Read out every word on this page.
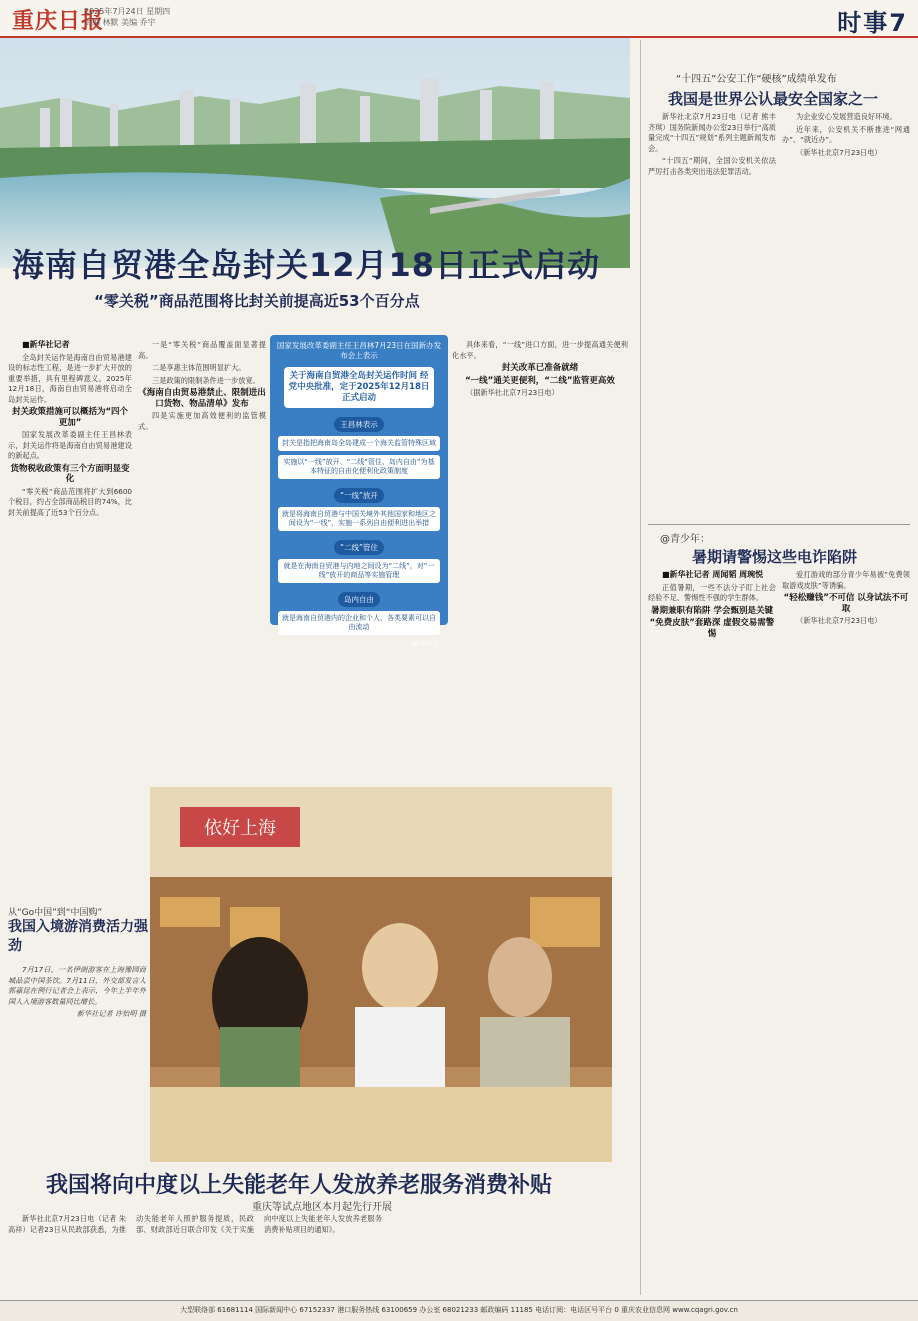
重庆日报
2025年7月24日 星期四
责编 林默 美编 乔宇	时事7
海南自贸港全岛封关12月18日正式启动
“零关税”商品范围将比封关前提高近53个百分点

■新华社记者

全岛封关运作是海南自由贸易港建设的标志性工程，是进一步扩大开放的重要举措，具有里程碑意义。2025年12月18日，海南自由贸易港将启动全岛封关运作。

封关政策措施可以概括为“四个更加”

国家发展改革委副主任王昌林表示，封关运作将是海南自由贸易港建设的新起点。

货物税收政策有三个方面明显变化

“零关税”商品范围将扩大到6600个税目，约占全部商品税目的74%，比封关前提高了近53个百分点。

一是“零关税”商品覆盖面显著提高。

二是享惠主体范围明显扩大。

三是政策的限制条件进一步放宽。

《海南自由贸易港禁止、限制进出口货物、物品清单》发布

四是实施更加高效便利的监管模式。

具体来看，“一线”进口方面，进一步提高通关便利化水平。

封关改革已准备就绪

“一线”通关更便利，“二线”监管更高效

（据新华社北京7月23日电）

国家发展改革委副主任王昌林7月23日在国新办发布会上表示
关于海南自贸港全岛封关运作时间 经党中央批准，定于2025年12月18日正式启动
王昌林表示
封关是指把海南岛全岛建成一个海关监管特殊区域
实施以“一线”放开、“二线”管住、岛内自由”为基本特征的自由化便利化政策制度
“一线”放开
就是将海南自贸港与中国关境外其他国家和地区之间设为“一线”，实施一系列自由便利进出举措
“二线”管住
就是在海南自贸港与内地之间设为“二线”，对“一线”放开的商品等实施管理
岛内自由
就是海南自贸港内的企业和个人，各类要素可以自由流动
新华社发
“十四五”公安工作“硬核”成绩单发布
我国是世界公认最安全国家之一

新华社北京7月23日电（记者 熊丰 齐琪）国务院新闻办公室23日举行“高质量完成“十四五”规划”系列主题新闻发布会。

“十四五”期间，全国公安机关依法严厉打击各类突出违法犯罪活动。

为企业安心发展营造良好环境。

近年来，公安机关不断推进“网通办”、“就近办”。

（新华社北京7月23日电）

@青少年：
暑期请警惕这些电诈陷阱

■新华社记者 周闻韬 周琬悦

正值暑期，一些不法分子盯上社会经验不足、警惕性不强的学生群体。

暑期兼职有陷阱 学会甄别是关键

“免费皮肤”套路深 虚假交易需警惕

爱打游戏的部分青少年易被“免费领取游戏皮肤”等诱骗。

“轻松赚钱”不可信 以身试法不可取

（新华社北京7月23日电）

从“Go中国”到“中国购”
我国入境游消费活力强劲

7月17日，一名伊朗游客在上海豫园商城品尝中国茶饮。7月11日，外交部发言人郭嘉昆在例行记者会上表示，今年上半年外国人入境游客数量同比增长。

新华社记者 许怡明 摄

依好上海
我国将向中度以上失能老年人发放养老服务消费补贴
重庆等试点地区本月起先行开展

新华社北京7月23日电（记者 朱高祥）记者23日从民政部获悉，为推动失能老年人照护服务提质，民政部、财政部近日联合印发《关于实施向中度以上失能老年人发放养老服务消费补贴项目的通知》。

大型联络部 61681114 国际新闻中心 67152337 港口服务热线 63100659 办公室 68021233 邮政编码 11185 电话订阅：电话区号平台 0 重庆农业信息网 www.cqagri.gov.cn
